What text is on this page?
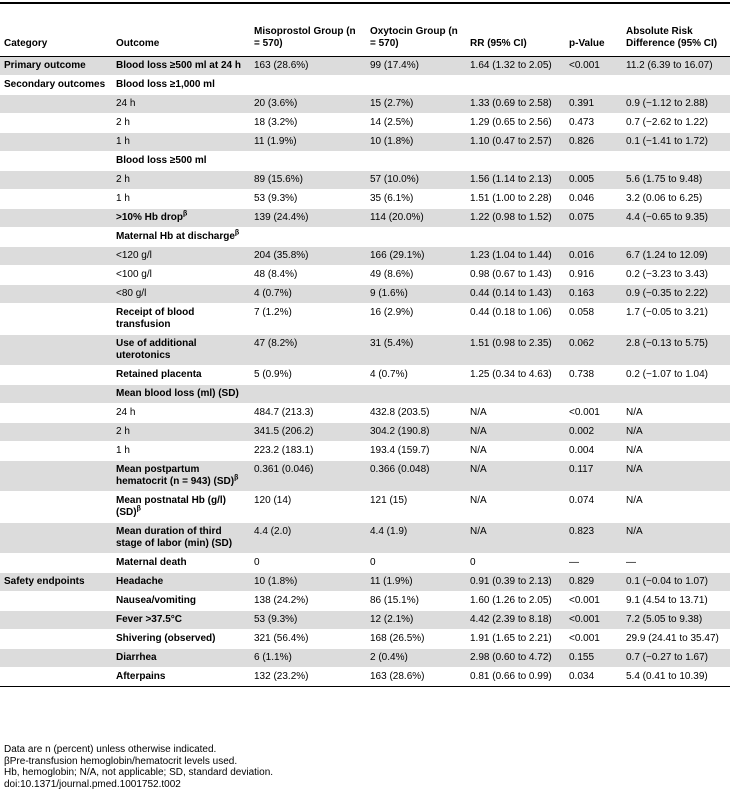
Category	Outcome	Misoprostol Group (n = 570)	Oxytocin Group (n = 570)	RR (95% CI)	p-Value	Absolute Risk Difference (95% CI)
Primary outcome	Blood loss ≥500 ml at 24 h	163 (28.6%)	99 (17.4%)	1.64 (1.32 to 2.05)	<0.001	11.2 (6.39 to 16.07)
Secondary outcomes	Blood loss ≥1,000 ml					
	24 h	20 (3.6%)	15 (2.7%)	1.33 (0.69 to 2.58)	0.391	0.9 (−1.12 to 2.88)
	2 h	18 (3.2%)	14 (2.5%)	1.29 (0.65 to 2.56)	0.473	0.7 (−2.62 to 1.22)
	1 h	11 (1.9%)	10 (1.8%)	1.10 (0.47 to 2.57)	0.826	0.1 (−1.41 to 1.72)
	Blood loss ≥500 ml					
	2 h	89 (15.6%)	57 (10.0%)	1.56 (1.14 to 2.13)	0.005	5.6 (1.75 to 9.48)
	1 h	53 (9.3%)	35 (6.1%)	1.51 (1.00 to 2.28)	0.046	3.2 (0.06 to 6.25)
	>10% Hb drop$^\beta$	139 (24.4%)	114 (20.0%)	1.22 (0.98 to 1.52)	0.075	4.4 (−0.65 to 9.35)
	Maternal Hb at discharge$^\beta$					
	<120 g/l	204 (35.8%)	166 (29.1%)	1.23 (1.04 to 1.44)	0.016	6.7 (1.24 to 12.09)
	<100 g/l	48 (8.4%)	49 (8.6%)	0.98 (0.67 to 1.43)	0.916	0.2 (−3.23 to 3.43)
	<80 g/l	4 (0.7%)	9 (1.6%)	0.44 (0.14 to 1.43)	0.163	0.9 (−0.35 to 2.22)
	Receipt of blood transfusion	7 (1.2%)	16 (2.9%)	0.44 (0.18 to 1.06)	0.058	1.7 (−0.05 to 3.21)
	Use of additional uterotonics	47 (8.2%)	31 (5.4%)	1.51 (0.98 to 2.35)	0.062	2.8 (−0.13 to 5.75)
	Retained placenta	5 (0.9%)	4 (0.7%)	1.25 (0.34 to 4.63)	0.738	0.2 (−1.07 to 1.04)
	Mean blood loss (ml) (SD)					
	24 h	484.7 (213.3)	432.8 (203.5)	N/A	<0.001	N/A
	2 h	341.5 (206.2)	304.2 (190.8)	N/A	0.002	N/A
	1 h	223.2 (183.1)	193.4 (159.7)	N/A	0.004	N/A
	Mean postpartum hematocrit (n = 943) (SD)$^\beta$	0.361 (0.046)	0.366 (0.048)	N/A	0.117	N/A
	Mean postnatal Hb (g/l) (SD)$^\beta$	120 (14)	121 (15)	N/A	0.074	N/A
	Mean duration of third stage of labor (min) (SD)	4.4 (2.0)	4.4 (1.9)	N/A	0.823	N/A
	Maternal death	0	0	0	—	—
Safety endpoints	Headache	10 (1.8%)	11 (1.9%)	0.91 (0.39 to 2.13)	0.829	0.1 (−0.04 to 1.07)
	Nausea/vomiting	138 (24.2%)	86 (15.1%)	1.60 (1.26 to 2.05)	<0.001	9.1 (4.54 to 13.71)
	Fever >37.5°C	53 (9.3%)	12 (2.1%)	4.42 (2.39 to 8.18)	<0.001	7.2 (5.05 to 9.38)
	Shivering (observed)	321 (56.4%)	168 (26.5%)	1.91 (1.65 to 2.21)	<0.001	29.9 (24.41 to 35.47)
	Diarrhea	6 (1.1%)	2 (0.4%)	2.98 (0.60 to 4.72)	0.155	0.7 (−0.27 to 1.67)
	Afterpains	132 (23.2%)	163 (28.6%)	0.81 (0.66 to 0.99)	0.034	5.4 (0.41 to 10.39)
Data are n (percent) unless otherwise indicated.
βPre-transfusion hemoglobin/hematocrit levels used.
Hb, hemoglobin; N/A, not applicable; SD, standard deviation.
doi:10.1371/journal.pmed.1001752.t002
